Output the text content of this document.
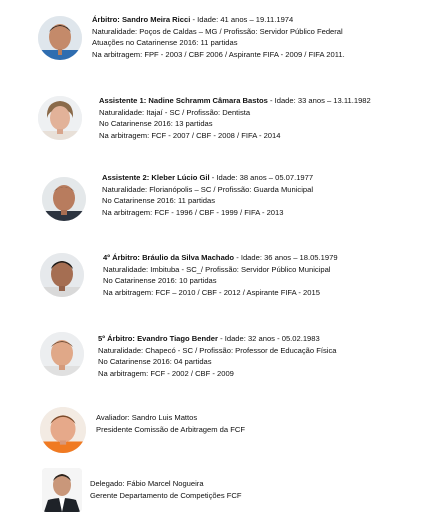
Árbitro: Sandro Meira Ricci - Idade: 41 anos – 19.11.1974
Naturalidade: Poços de Caldas – MG / Profissão: Servidor Público Federal
Atuações no Catarinense 2016: 11 partidas
Na arbitragem: FPF - 2003 / CBF 2006 / Aspirante FIFA - 2009 / FIFA 2011.
Assistente 1: Nadine Schramm Câmara Bastos - Idade: 33 anos – 13.11.1982
Naturalidade: Itajaí - SC / Profissão: Dentista
No Catarinense 2016: 13 partidas
Na arbitragem: FCF - 2007 / CBF - 2008 / FIFA - 2014
Assistente 2: Kleber Lúcio Gil - Idade: 38 anos – 05.07.1977
Naturalidade: Florianópolis – SC / Profissão: Guarda Municipal
No Catarinense 2016: 11 partidas
Na arbitragem: FCF - 1996 / CBF - 1999 / FIFA - 2013
4º Árbitro: Bráulio da Silva Machado - Idade: 36 anos – 18.05.1979
Naturalidade: Imbituba - SC_/ Profissão: Servidor Público Municipal
No Catarinense 2016: 10 partidas
Na arbitragem: FCF – 2010 / CBF - 2012 / Aspirante FIFA - 2015
5º Árbitro: Evandro Tiago Bender - Idade: 32 anos - 05.02.1983
Naturalidade: Chapecó - SC / Profissão: Professor de Educação Física
No Catarinense 2016: 04 partidas
Na arbitragem: FCF - 2002 / CBF - 2009
Avaliador: Sandro Luis Mattos
Presidente Comissão de Arbitragem da FCF
Delegado: Fábio Marcel Nogueira
Gerente Departamento de Competições FCF
